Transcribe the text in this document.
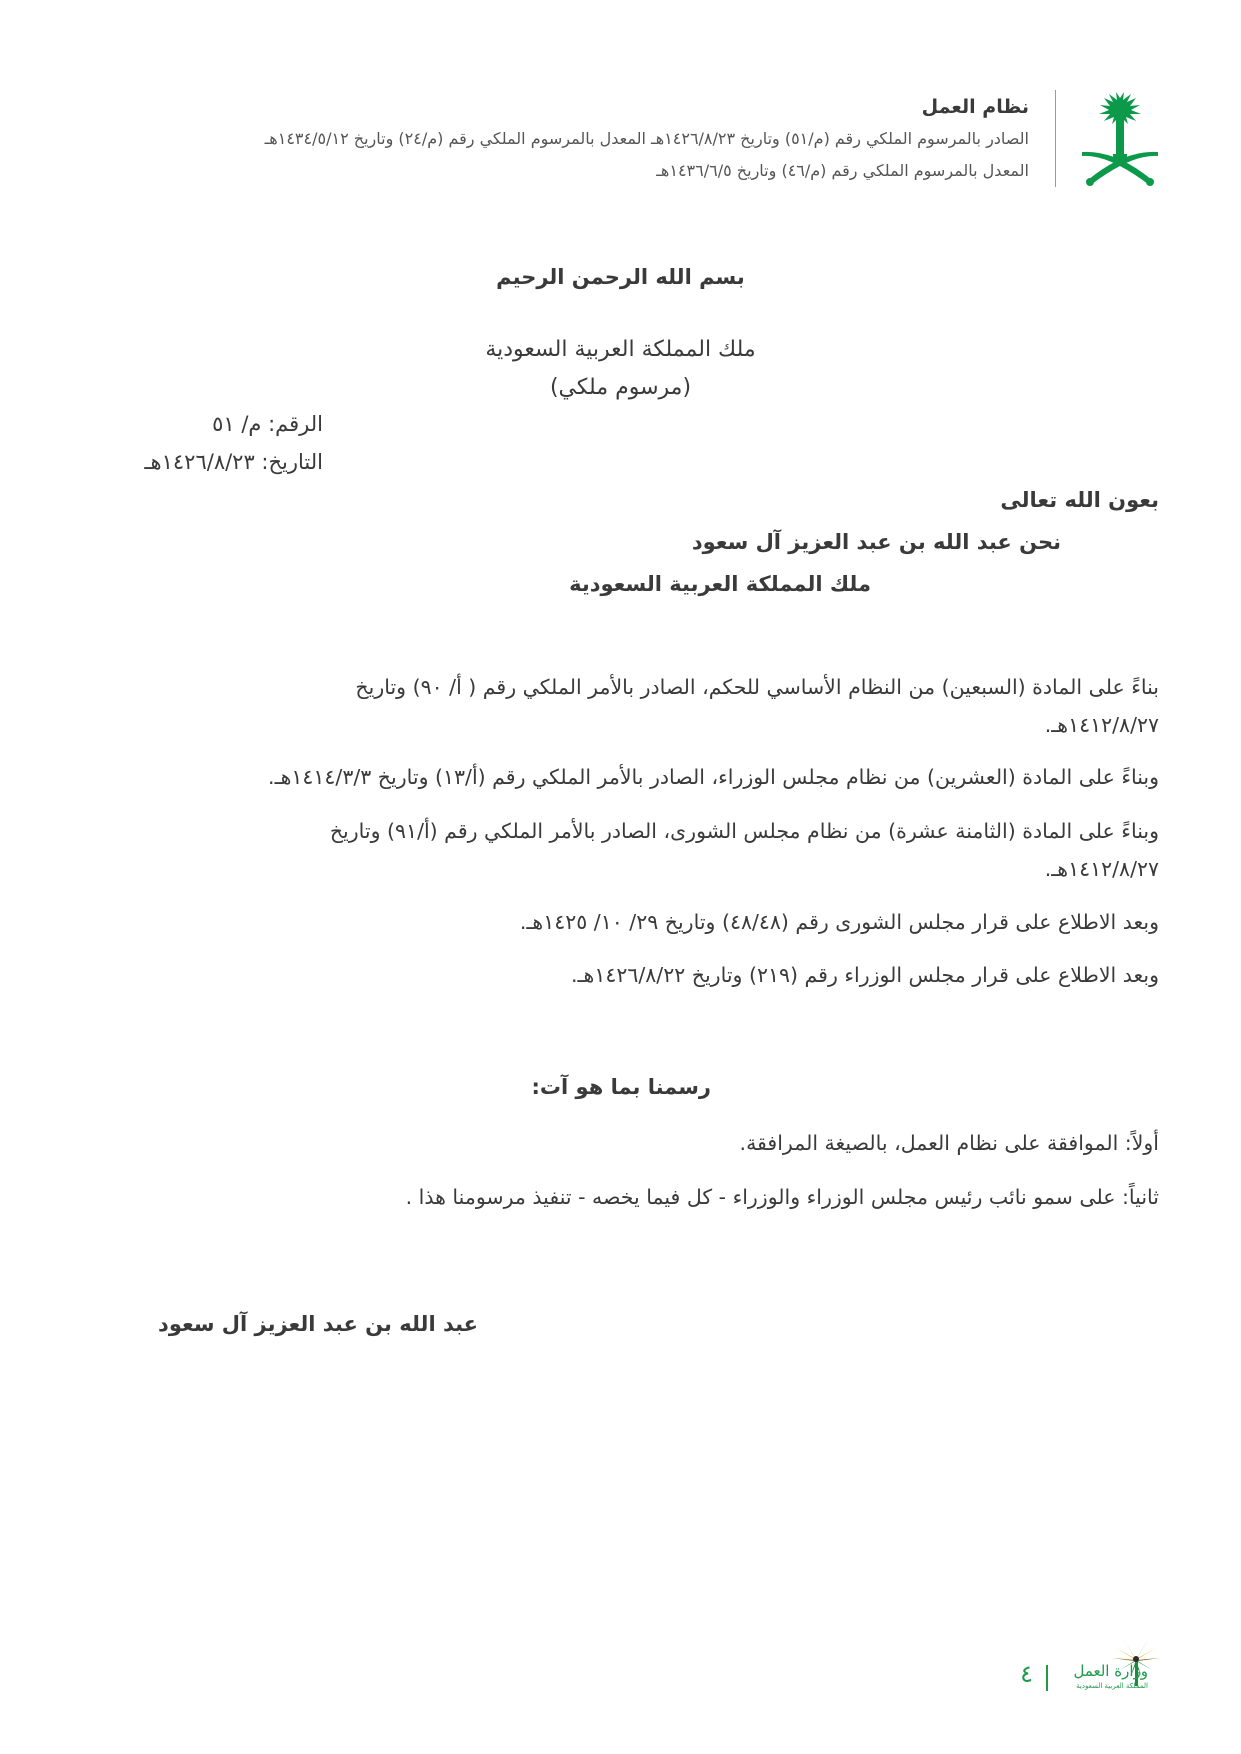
نظام العمل
الصادر بالمرسوم الملكي رقم (م/٥١) وتاريخ ١٤٢٦/٨/٢٣هـ المعدل بالمرسوم الملكي رقم (م/٢٤) وتاريخ ١٤٣٤/٥/١٢هـ
المعدل بالمرسوم الملكي رقم (م/٤٦) وتاريخ ١٤٣٦/٦/٥هـ
بسم الله الرحمن الرحيم
ملك المملكة العربية السعودية
(مرسوم ملكي)
الرقم: م/ ٥١
التاريخ: ١٤٢٦/٨/٢٣هـ
بعون الله تعالى
نحن عبد الله بن عبد العزيز آل سعود
ملك المملكة العربية السعودية
بناءً على المادة (السبعين) من النظام الأساسي للحكم، الصادر بالأمر الملكي رقم ( أ/ ٩٠) وتاريخ
١٤١٢/٨/٢٧هـ.
وبناءً على المادة (العشرين) من نظام مجلس الوزراء، الصادر بالأمر الملكي رقم (أ/١٣) وتاريخ ١٤١٤/٣/٣هـ.
وبناءً على المادة (الثامنة عشرة) من نظام مجلس الشورى، الصادر بالأمر الملكي رقم (أ/٩١) وتاريخ
١٤١٢/٨/٢٧هـ.
وبعد الاطلاع على قرار مجلس الشورى رقم (٤٨/٤٨) وتاريخ ٢٩/ ١٠/ ١٤٢٥هـ.
وبعد الاطلاع على قرار مجلس الوزراء رقم (٢١٩) وتاريخ ١٤٢٦/٨/٢٢هـ.
رسمنا بما هو آت:
أولاً: الموافقة على نظام العمل، بالصيغة المرافقة.
ثانياً: على سمو نائب رئيس مجلس الوزراء والوزراء - كل فيما يخصه - تنفيذ مرسومنا هذا .
عبد الله بن عبد العزيز آل سعود
وزارة العمل
المملكة العربية السعودية
٤
